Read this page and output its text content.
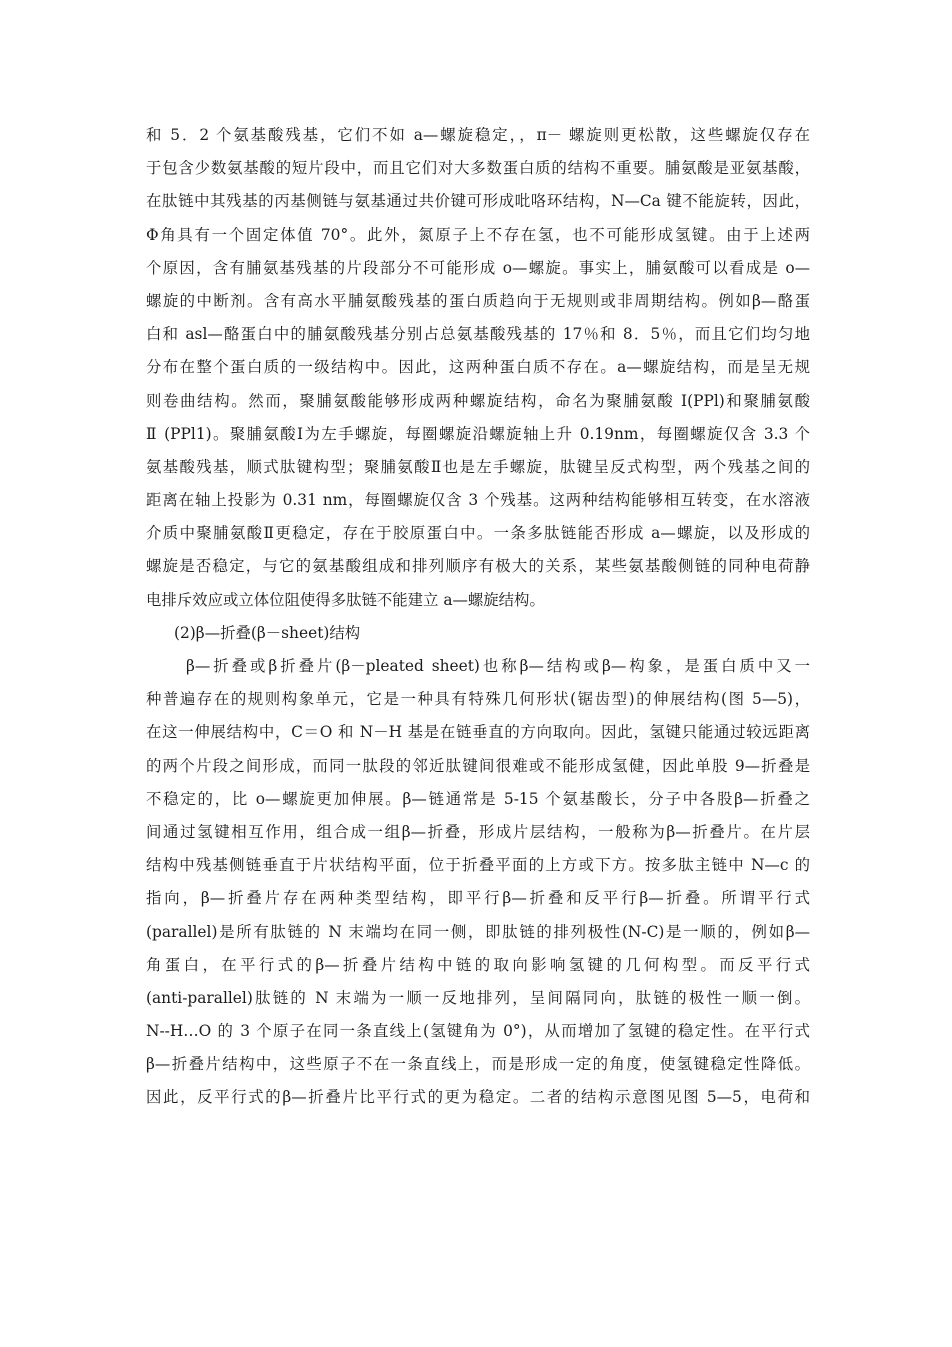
和 5．2 个氨基酸残基，它们不如 a—螺旋稳定，，π－ 螺旋则更松散，这些螺旋仅存在
于包含少数氨基酸的短片段中，而且它们对大多数蛋白质的结构不重要。脯氨酸是亚氨基酸，
在肽链中其残基的丙基侧链与氨基通过共价键可形成吡咯环结构，N—Ca 键不能旋转，因此，
Φ角具有一个固定体值 70°。此外，氮原子上不存在氢，也不可能形成氢键。由于上述两
个原因，含有脯氨基残基的片段部分不可能形成 o—螺旋。事实上，脯氨酸可以看成是 o—
螺旋的中断剂。含有高水平脯氨酸残基的蛋白质趋向于无规则或非周期结构。例如β—酪蛋
白和 asl—酪蛋白中的脯氨酸残基分别占总氨基酸残基的 17％和 8．5％，而且它们均匀地
分布在整个蛋白质的一级结构中。因此，这两种蛋白质不存在。a—螺旋结构，而是呈无规
则卷曲结构。然而，聚脯氨酸能够形成两种螺旋结构，命名为聚脯氨酸 I(PPl)和聚脯氨酸
Ⅱ (PPl1)。聚脯氨酸Ⅰ为左手螺旋，每圈螺旋沿螺旋轴上升 0.19nm，每圈螺旋仅含 3.3 个
氨基酸残基，顺式肽键构型；聚脯氨酸Ⅱ也是左手螺旋，肽键呈反式构型，两个残基之间的
距离在轴上投影为 0.31 nm，每圈螺旋仅含 3 个残基。这两种结构能够相互转变，在水溶液
介质中聚脯氨酸Ⅱ更稳定，存在于胶原蛋白中。一条多肽链能否形成 a—螺旋，以及形成的
螺旋是否稳定，与它的氨基酸组成和排列顺序有极大的关系，某些氨基酸侧链的同种电荷静
电排斥效应或立体位阻使得多肽链不能建立 a—螺旋结构。
(2)β—折叠(β－sheet)结构
β—折叠或β折叠片(β－pleated sheet)也称β—结构或β—构象，是蛋白质中又一
种普遍存在的规则构象单元，它是一种具有特殊几何形状(锯齿型)的伸展结构(图 5—5)，
在这一伸展结构中，C＝O 和 N－H 基是在链垂直的方向取向。因此，氢键只能通过较远距离
的两个片段之间形成，而同一肽段的邻近肽键间很难或不能形成氢健，因此单股 9—折叠是
不稳定的，比 o—螺旋更加伸展。β—链通常是 5-15 个氨基酸长，分子中各股β—折叠之
间通过氢键相互作用，组合成一组β—折叠，形成片层结构，一般称为β—折叠片。在片层
结构中残基侧链垂直于片状结构平面，位于折叠平面的上方或下方。按多肽主链中 N—c 的
指向，β—折叠片存在两种类型结构，即平行β—折叠和反平行β—折叠。所谓平行式
(parallel)是所有肽链的 N 末端均在同一侧，即肽链的排列极性(N-C)是一顺的，例如β—
角蛋白，在平行式的β—折叠片结构中链的取向影响氢键的几何构型。而反平行式
(anti-parallel)肽链的 N 末端为一顺一反地排列，呈间隔同向，肽链的极性一顺一倒。
N--H…O 的 3 个原子在同一条直线上(氢键角为 0°)，从而增加了氢键的稳定性。在平行式
β—折叠片结构中，这些原子不在一条直线上，而是形成一定的角度，使氢键稳定性降低。
因此，反平行式的β—折叠片比平行式的更为稳定。二者的结构示意图见图 5—5，电荷和
